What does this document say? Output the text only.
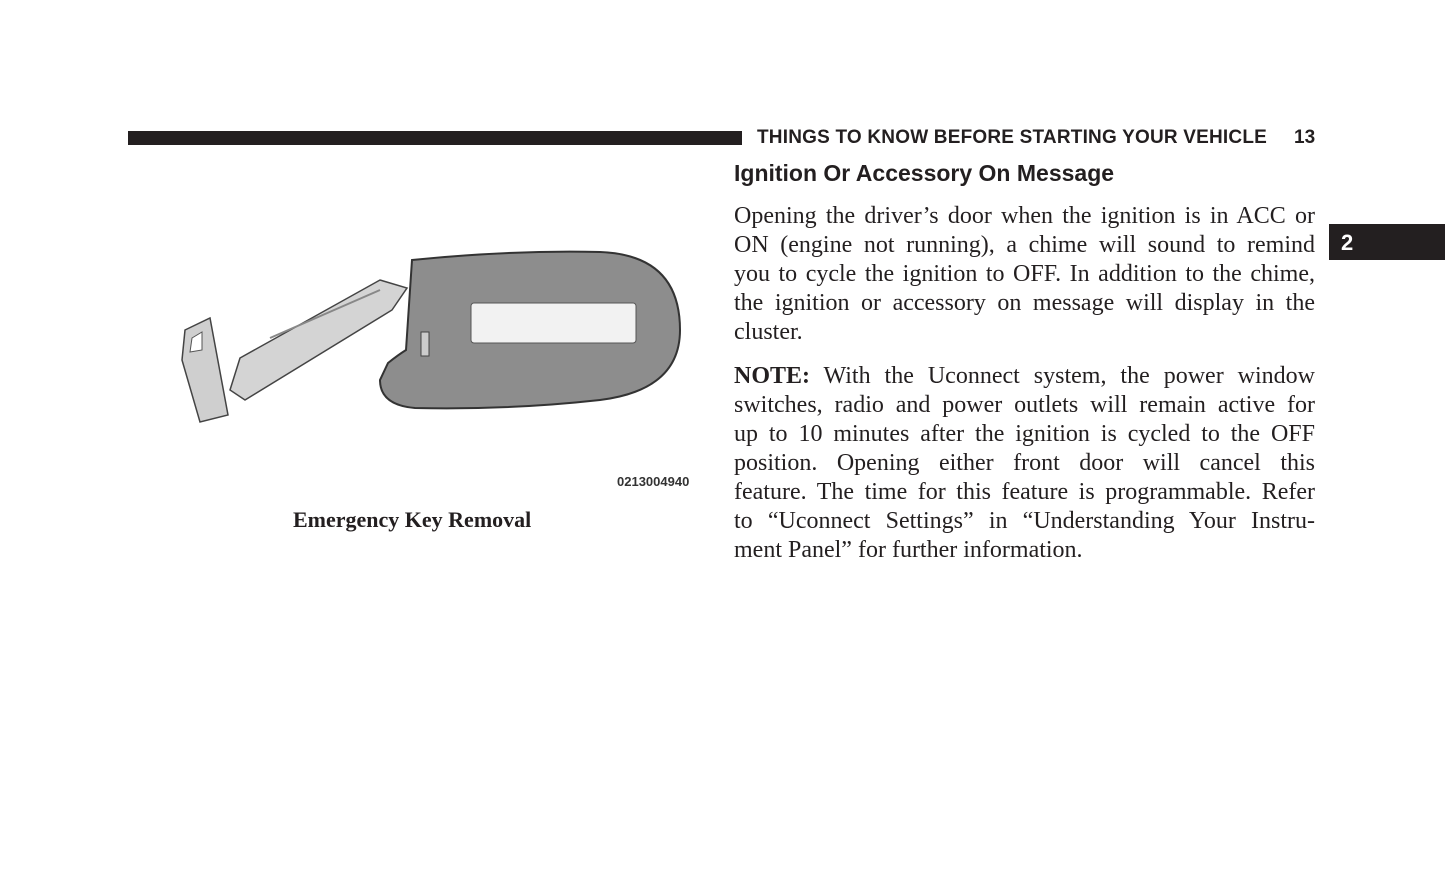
THINGS TO KNOW BEFORE STARTING YOUR VEHICLE 13
2
0213004940
Emergency Key Removal
Ignition Or Accessory On Message
Opening the driver’s door when the ignition is in ACC or
ON (engine not running), a chime will sound to remind
you to cycle the ignition to OFF. In addition to the chime,
the ignition or accessory on message will display in the
cluster.
NOTE: With the Uconnect system, the power window
switches, radio and power outlets will remain active for
up to 10 minutes after the ignition is cycled to the OFF
position. Opening either front door will cancel this
feature. The time for this feature is programmable. Refer
to “Uconnect Settings” in “Understanding Your Instru-
ment Panel” for further information.
